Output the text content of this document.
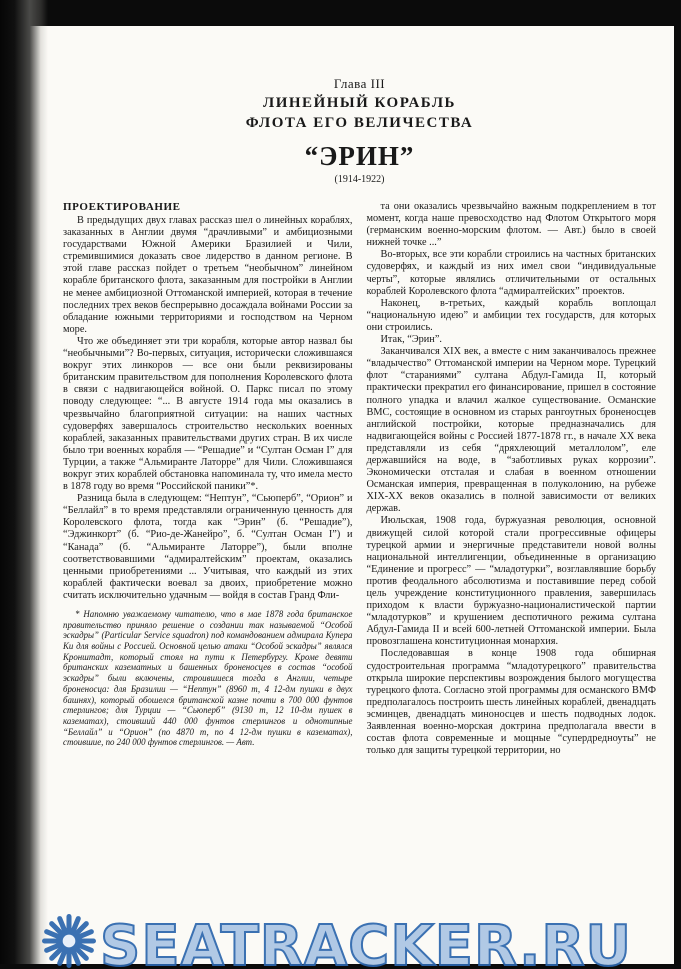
Глава III
ЛИНЕЙНЫЙ КОРАБЛЬ
ФЛОТА ЕГО ВЕЛИЧЕСТВА
“ЭРИН”
(1914-1922)
ПРОЕКТИРОВАНИЕ

В предыдущих двух главах рассказ шел о линейных кораблях, заказанных в Англии двумя “драчливыми” и амбициозными государствами Южной Америки Бразилией и Чили, стремившимися доказать свое лидерство в данном регионе. В этой главе рассказ пойдет о третьем “необычном” линейном корабле британского флота, заказанным для постройки в Англии не менее амбициозной Оттоманской империей, которая в течение последних трех веков беспрерывно досаждала войнами России за обладание южными территориями и господством на Черном море.

Что же объединяет эти три корабля, которые автор назвал бы “необычными”? Во-первых, ситуация, исторически сложившаяся вокруг этих линкоров — все они были реквизированы британским правительством для пополнения Королевского флота в связи с надвигающейся войной. О. Паркс писал по этому поводу следующее: “... В августе 1914 года мы оказались в чрезвычайно благоприятной ситуации: на наших частных судоверфях завершалось строительство нескольких военных кораблей, заказанных правительствами других стран. В их числе было три военных корабля — “Решадие” и “Султан Осман I” для Турции, а также “Альмиранте Латорре” для Чили. Сложившаяся вокруг этих кораблей обстановка напоминала ту, что имела место в 1878 году во время “Российской паники”*.

Разница была в следующем: “Нептун”, “Сьюперб”, “Орион” и “Беллайл” в то время представляли ограниченную ценность для Королевского флота, тогда как “Эрин” (б. “Решадие”), “Эджинкорт” (б. “Рио-де-Жанейро”, б. “Султан Осман I”) и “Канада” (б. “Альмиранте Латорре”), были вполне соответствовавшими “адмиралтейским” проектам, оказались ценными приобретениями ... Учитывая, что каждый из этих кораблей фактически воевал за двоих, приобретение можно считать исключительно удачным — войдя в состав Гранд Фли-

* Напомню уважаемому читателю, что в мае 1878 года британское правительство приняло решение о создании так называемой “Особой эскадры” (Particular Service squadron) под командованием адмирала Купера Ки для войны с Россией. Основной целью атаки “Особой эскадры” являлся Кронштадт, который стоял на пути к Петербургу. Кроме девяти британских казематных и башенных броненосцев в состав “особой эскадры” были включены, строившиеся тогда в Англии, четыре броненосца: для Бразилии — “Нептун” (8960 т, 4 12-дм пушки в двух башнях), который обошелся британской казне почти в 700 000 фунтов стерлингов; для Турции — “Сьюперб” (9130 т, 12 10-дм пушек в казематах), стоивший 440 000 фунтов стерлингов и однотипные “Беллайл” и “Орион” (по 4870 т, по 4 12-дм пушки в казематах), стоившие, по 240 000 фунтов стерлингов. — Авт.

та они оказались чрезвычайно важным подкреплением в тот момент, когда наше превосходство над Флотом Открытого моря (германским военно-морским флотом. — Авт.) было в своей нижней точке ...”

Во-вторых, все эти корабли строились на частных британских судоверфях, и каждый из них имел свои “индивидуальные черты”, которые являлись отличительными от остальных кораблей Королевского флота “адмиралтейских” проектов.

Наконец, в-третьих, каждый корабль воплощал “национальную идею” и амбиции тех государств, для которых они строились.

Итак, “Эрин”.

Заканчивался XIX век, а вместе с ним заканчивалось прежнее “владычество” Оттоманской империи на Черном море. Турецкий флот “стараниями” султана Абдул-Гамида II, который практически прекратил его финансирование, пришел в состояние полного упадка и влачил жалкое существование. Османские ВМС, состоящие в основном из старых рангоутных броненосцев английской постройки, которые предназначались для надвигающейся войны с Россией 1877-1878 гг., в начале XX века представляли из себя “дряхлеющий металлолом”, еле державшийся на воде, в “заботливых руках коррозии”. Экономически отсталая и слабая в военном отношении Османская империя, превращенная в полуколонию, на рубеже XIX-XX веков оказались в полной зависимости от великих держав.

Июльская, 1908 года, буржуазная революция, основной движущей силой которой стали прогрессивные офицеры турецкой армии и энергичные представители новой волны национальной интеллигенции, объединенные в организацию “Единение и прогресс” — “младотурки”, возглавлявшие борьбу против феодального абсолютизма и поставившие перед собой цель учреждение конституционного правления, завершилась приходом к власти буржуазно-националистической партии “младотурков” и крушением деспотичного режима султана Абдул-Гамида II и всей 600-летней Оттоманской империи. Была провозглашена конституционная монархия.

Последовавшая в конце 1908 года обширная судостроительная программа “младотурецкого” правительства открыла широкие перспективы возрождения былого могущества турецкого флота. Согласно этой программы для османского ВМФ предполагалось построить шесть линейных кораблей, двенадцать эсминцев, двенадцать миноносцев и шесть подводных лодок. Заявленная военно-морская доктрина предполагала ввести в состав флота современные и мощные “супердредноуты” не только для защиты турецкой территории, но

SEATRACKER.RU
